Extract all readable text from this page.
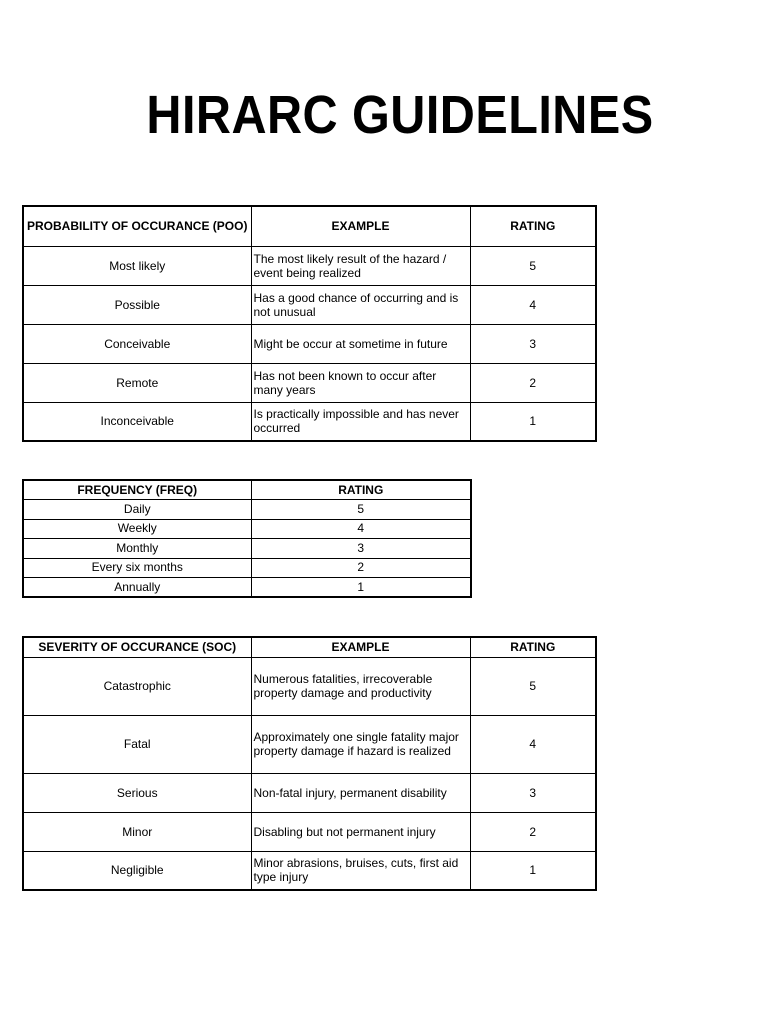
HIRARC GUIDELINES
PROBABILITY OF OCCURANCE (POO)	EXAMPLE	RATING
Most likely	The most likely result of the hazard / event being realized	5
Possible	Has a good chance of occurring and is not unusual	4
Conceivable	Might be occur at sometime in future	3
Remote	Has not been known to occur after many years	2
Inconceivable	Is practically impossible and has never occurred	1
FREQUENCY (FREQ)	RATING
Daily	5
Weekly	4
Monthly	3
Every six months	2
Annually	1
SEVERITY OF OCCURANCE (SOC)	EXAMPLE	RATING
Catastrophic	Numerous fatalities, irrecoverable property damage and productivity	5
Fatal	Approximately one single fatality major property damage if hazard is realized	4
Serious	Non-fatal injury, permanent disability	3
Minor	Disabling but not permanent injury	2
Negligible	Minor abrasions, bruises, cuts, first aid type injury	1
